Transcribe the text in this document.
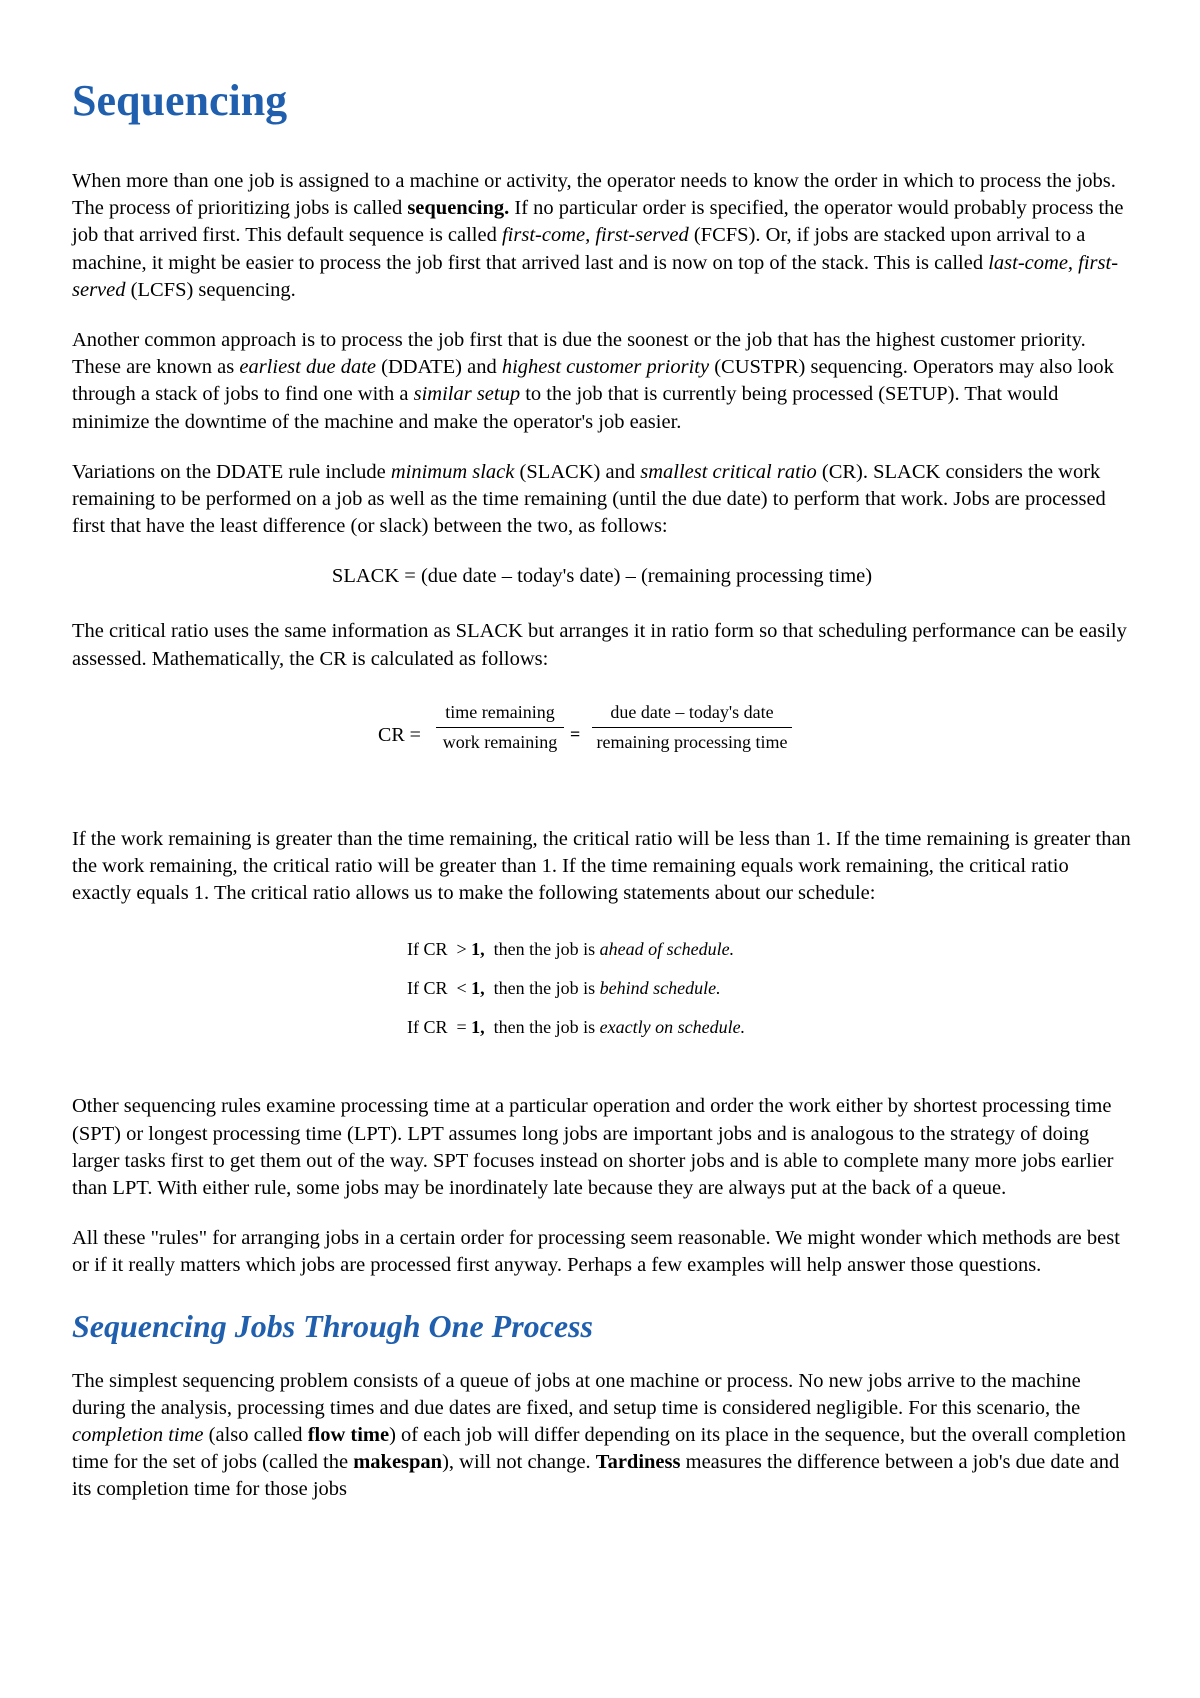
Sequencing

When more than one job is assigned to a machine or activity, the operator needs to know the order in which to process the jobs. The process of prioritizing jobs is called sequencing. If no particular order is specified, the operator would probably process the job that arrived first. This default sequence is called first-come, first-served (FCFS). Or, if jobs are stacked upon arrival to a machine, it might be easier to process the job first that arrived last and is now on top of the stack. This is called last-come, first-served (LCFS) sequencing.

Another common approach is to process the job first that is due the soonest or the job that has the highest customer priority. These are known as earliest due date (DDATE) and highest customer priority (CUSTPR) sequencing. Operators may also look through a stack of jobs to find one with a similar setup to the job that is currently being processed (SETUP). That would minimize the downtime of the machine and make the operator's job easier.

Variations on the DDATE rule include minimum slack (SLACK) and smallest critical ratio (CR). SLACK considers the work remaining to be performed on a job as well as the time remaining (until the due date) to perform that work. Jobs are processed first that have the least difference (or slack) between the two, as follows:

SLACK = (due date – today's date) – (remaining processing time)

The critical ratio uses the same information as SLACK but arranges it in ratio form so that scheduling performance can be easily assessed. Mathematically, the CR is calculated as follows:

CR =
time remaining
work remaining =
due date – today's date
remaining processing time

If the work remaining is greater than the time remaining, the critical ratio will be less than 1. If the time remaining is greater than the work remaining, the critical ratio will be greater than 1. If the time remaining equals work remaining, the critical ratio exactly equals 1. The critical ratio allows us to make the following statements about our schedule:

If CR > 1, then the job is ahead of schedule.
If CR < 1, then the job is behind schedule.
If CR = 1, then the job is exactly on schedule.

Other sequencing rules examine processing time at a particular operation and order the work either by shortest processing time (SPT) or longest processing time (LPT). LPT assumes long jobs are important jobs and is analogous to the strategy of doing larger tasks first to get them out of the way. SPT focuses instead on shorter jobs and is able to complete many more jobs earlier than LPT. With either rule, some jobs may be inordinately late because they are always put at the back of a queue.

All these "rules" for arranging jobs in a certain order for processing seem reasonable. We might wonder which methods are best or if it really matters which jobs are processed first anyway. Perhaps a few examples will help answer those questions.

Sequencing Jobs Through One Process

The simplest sequencing problem consists of a queue of jobs at one machine or process. No new jobs arrive to the machine during the analysis, processing times and due dates are fixed, and setup time is considered negligible. For this scenario, the completion time (also called flow time) of each job will differ depending on its place in the sequence, but the overall completion time for the set of jobs (called the makespan), will not change. Tardiness measures the difference between a job's due date and its completion time for those jobs
